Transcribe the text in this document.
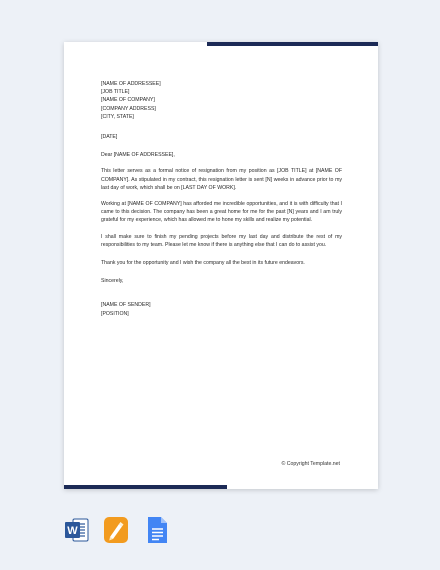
[NAME OF ADDRESSEE]
[JOB TITLE]
[NAME OF COMPANY]
[COMPANY ADDRESS]
[CITY, STATE]
[DATE]
Dear [NAME OF ADDRESSEE],
This letter serves as a formal notice of resignation from my position as [JOB TITLE] at [NAME OF COMPANY]. As stipulated in my contract, this resignation letter is sent [N] weeks in advance prior to my last day of work, which shall be on [LAST DAY OF WORK].
Working at [NAME OF COMPANY] has afforded me incredible opportunities, and it is with difficulty that I came to this decision. The company has been a great home for me for the past [N] years and I am truly grateful for my experience, which has allowed me to hone my skills and realize my potential.
I shall make sure to finish my pending projects before my last day and distribute the rest of my responsibilities to my team. Please let me know if there is anything else that I can do to assist you.
Thank you for the opportunity and I wish the company all the best in its future endeavors.
Sincerely,
[NAME OF SENDER]
[POSITION]
© Copyright Template.net
W
